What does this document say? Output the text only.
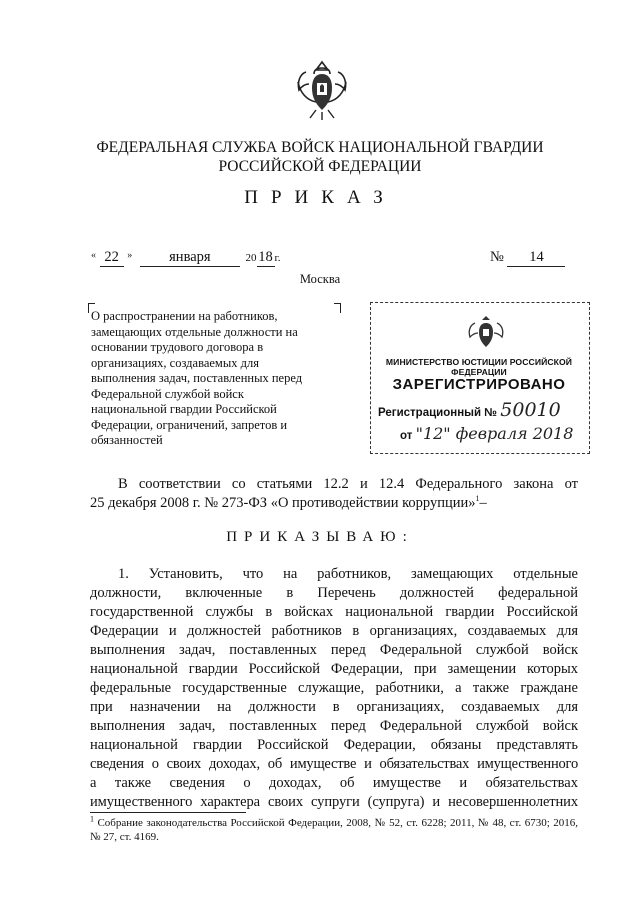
ФЕДЕРАЛЬНАЯ СЛУЖБА ВОЙСК НАЦИОНАЛЬНОЙ ГВАРДИИ
РОССИЙСКОЙ ФЕДЕРАЦИИ
ПРИКАЗ
« 22 »	января	20 18 г.	№ 14
Москва
О распространении на работников,
замещающих отдельные должности на
основании трудового договора в
организациях, создаваемых для
выполнения задач, поставленных перед
Федеральной службой войск
национальной гвардии Российской
Федерации, ограничений, запретов и
обязанностей
МИНИСТЕРСТВО ЮСТИЦИИ РОССИЙСКОЙ ФЕДЕРАЦИИ
ЗАРЕГИСТРИРОВАНО
Регистрационный № 50010
от "12" февраля 2018
В соответствии со статьями 12.2 и 12.4 Федерального закона от
25 декабря 2008 г. № 273-ФЗ «О противодействии коррупции»$^1$–
ПРИКАЗЫВАЮ:
1. Установить, что на работников, замещающих отдельные
должности, включенные в Перечень должностей федеральной
государственной службы в войсках национальной гвардии Российской
Федерации и должностей работников в организациях, создаваемых для
выполнения задач, поставленных перед Федеральной службой войск
национальной гвардии Российской Федерации, при замещении которых
федеральные государственные служащие, работники, а также граждане
при назначении на должности в организациях, создаваемых для
выполнения задач, поставленных перед Федеральной службой войск
национальной гвардии Российской Федерации, обязаны представлять
сведения о своих доходах, об имуществе и обязательствах имущественного
а также сведения о доходах, об имуществе и обязательствах
имущественного характера своих супруги (супруга) и несовершеннолетних
$^1$ Собрание законодательства Российской Федерации, 2008, № 52, ст. 6228; 2011, № 48, ст. 6730; 2016, № 27, ст. 4169.
